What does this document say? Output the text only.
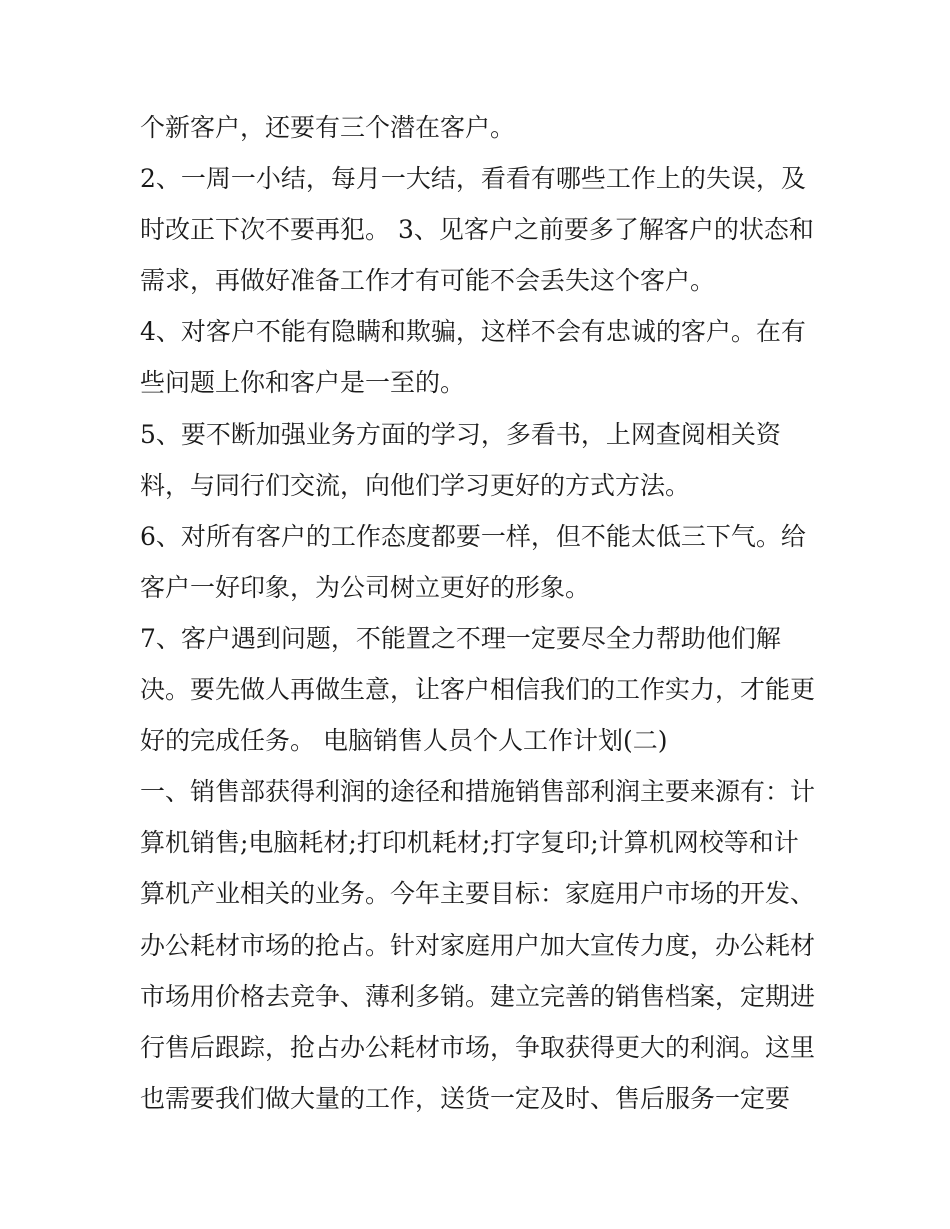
个新客户，还要有三个潜在客户。
2、一周一小结，每月一大结，看看有哪些工作上的失误，及
时改正下次不要再犯。 3、见客户之前要多了解客户的状态和
需求，再做好准备工作才有可能不会丢失这个客户。
4、对客户不能有隐瞒和欺骗，这样不会有忠诚的客户。在有
些问题上你和客户是一至的。
5、要不断加强业务方面的学习，多看书，上网查阅相关资
料，与同行们交流，向他们学习更好的方式方法。
6、对所有客户的工作态度都要一样，但不能太低三下气。给
客户一好印象，为公司树立更好的形象。
7、客户遇到问题，不能置之不理一定要尽全力帮助他们解
决。要先做人再做生意，让客户相信我们的工作实力，才能更
好的完成任务。 电脑销售人员个人工作计划(二)
一、销售部获得利润的途径和措施销售部利润主要来源有：计
算机销售;电脑耗材;打印机耗材;打字复印;计算机网校等和计
算机产业相关的业务。今年主要目标：家庭用户市场的开发、
办公耗材市场的抢占。针对家庭用户加大宣传力度，办公耗材
市场用价格去竞争、薄利多销。建立完善的销售档案，定期进
行售后跟踪，抢占办公耗材市场，争取获得更大的利润。这里
也需要我们做大量的工作，送货一定及时、售后服务一定要
